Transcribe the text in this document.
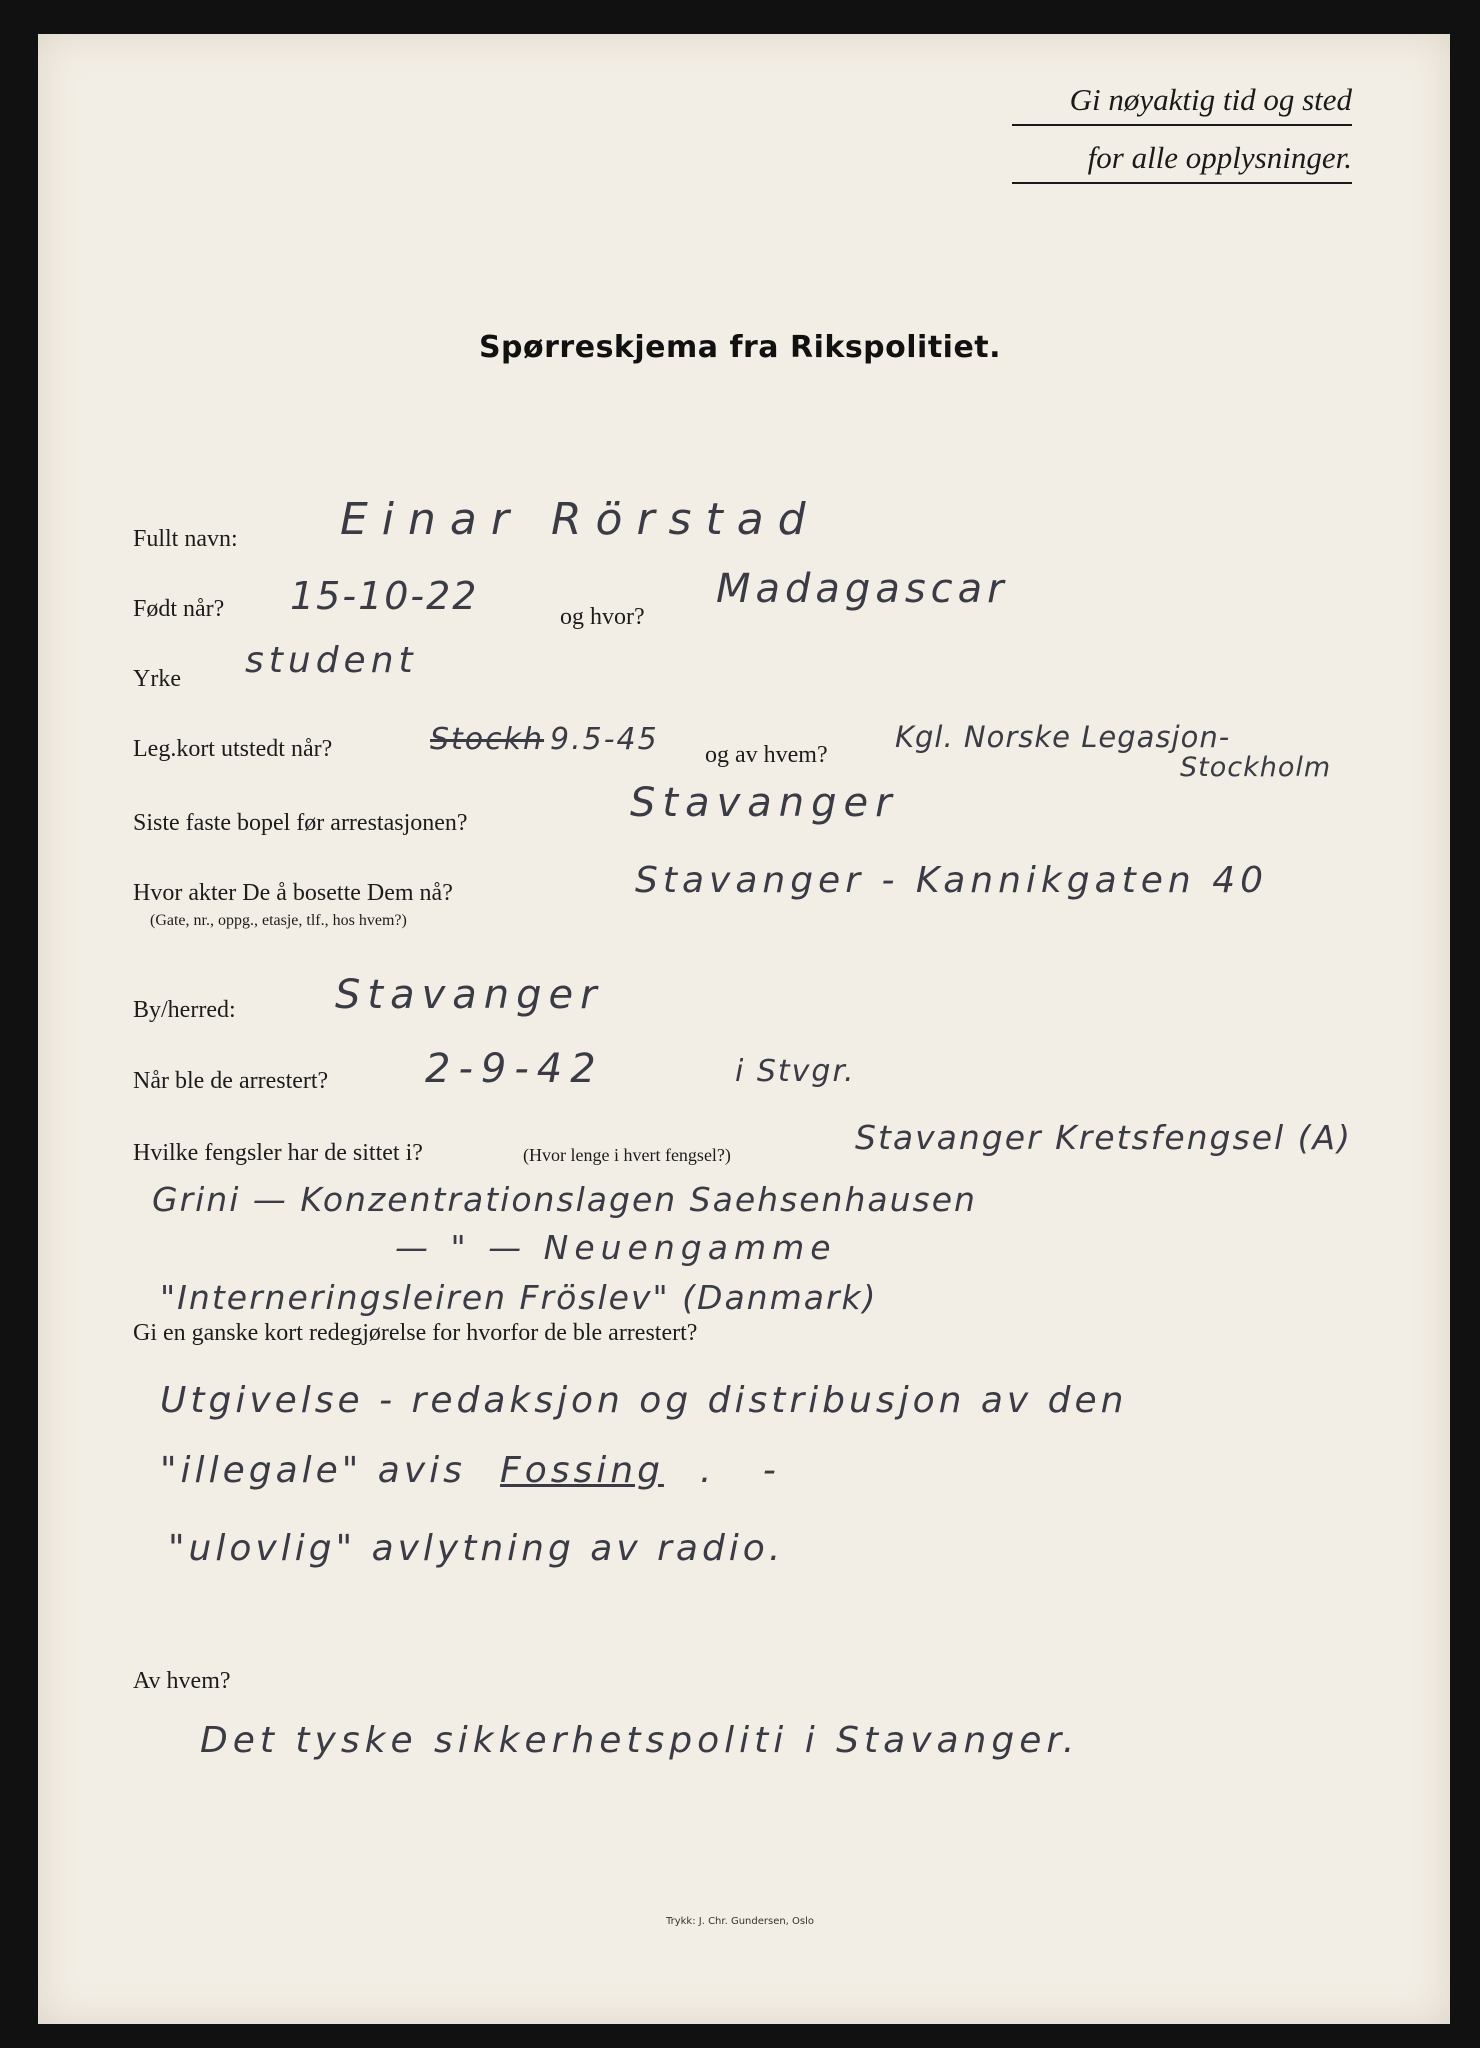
Gi nøyaktig tid og sted
for alle opplysninger.
Spørreskjema fra Rikspolitiet.
Fullt navn: Einar Rörstad
Født når? 15-10-22	og hvor?
Madagascar
Yrke student
Leg.kort utstedt når?	Stockh 9.5-45 og av hvem?
Kgl. Norske Legasjon-
Stockholm
Siste faste bopel før arrestasjonen?	Stavanger
Hvor akter De å bosette Dem nå?
(Gate, nr., oppg., etasje, tlf., hos hvem?)
Stavanger - Kannikgaten 40
By/herred: Stavanger
Når ble de arrestert? 2-9-42	i Stvgr.
Hvilke fengsler har de sittet i?	(Hvor lenge i hvert fengsel?)	Stavanger Kretsfengsel (A)
Grini — Konzentrationslagen Saehsenhausen
— " — Neuengamme
"Interneringsleiren Fröslev" (Danmark)
Gi en ganske kort redegjørelse for hvorfor de ble arrestert?
Utgivelse - redaksjon og distribusjon av den
"illegale" avis Fossing . -
"ulovlig" avlytning av radio.
Av hvem?
Det tyske sikkerhetspoliti i Stavanger.
Trykk: J. Chr. Gundersen, Oslo
